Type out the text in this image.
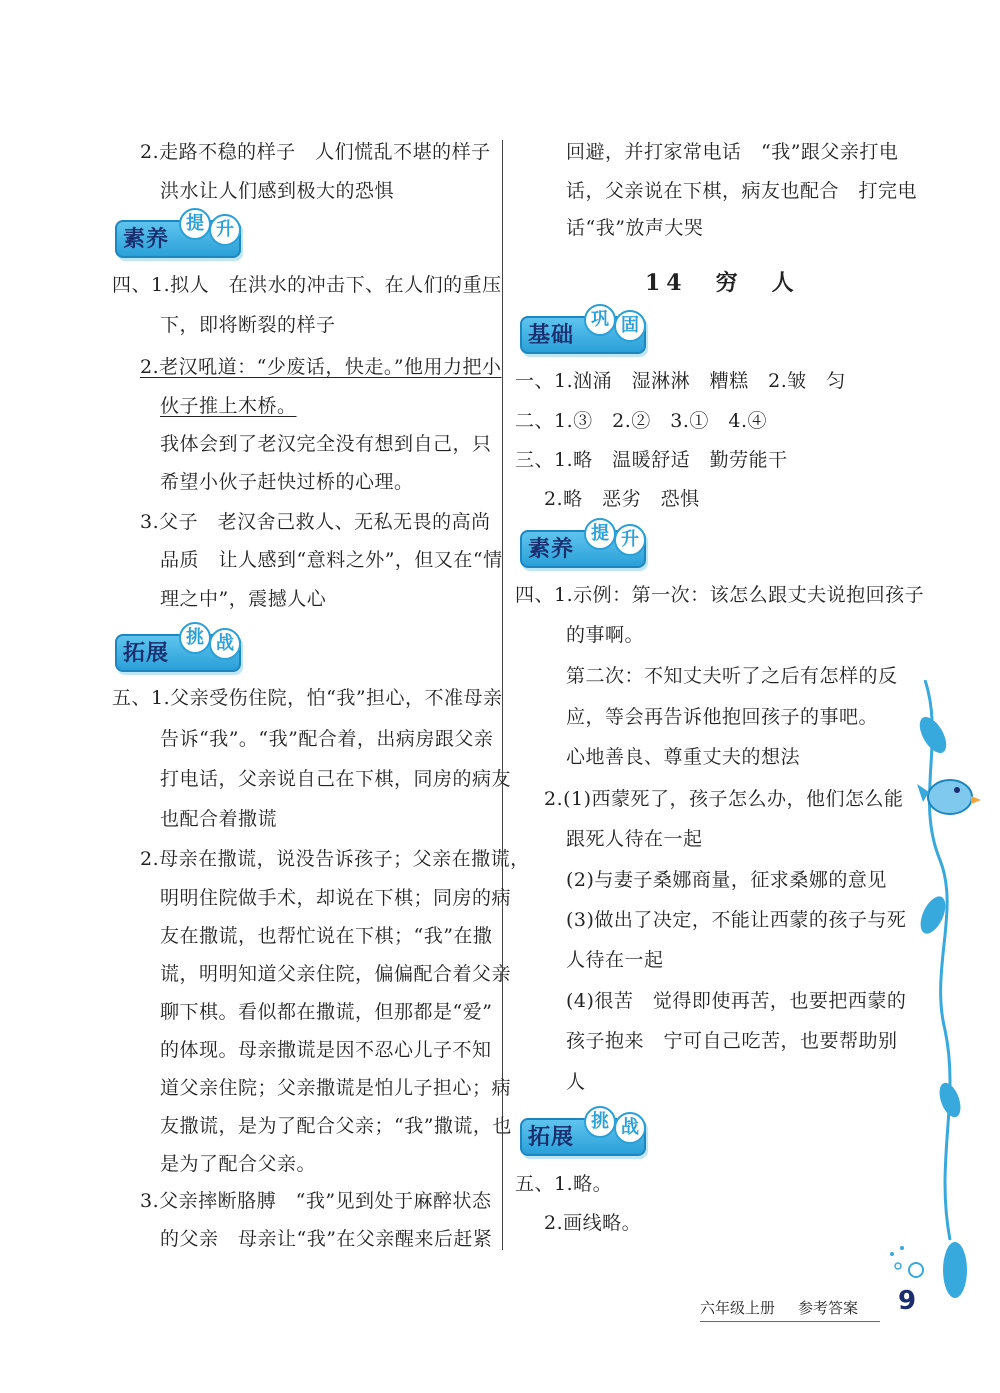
2.走路不稳的样子　人们慌乱不堪的样子
洪水让人们感到极大的恐惧
素养
提 升
四、1.拟人　在洪水的冲击下、在人们的重压
下，即将断裂的样子
2.老汉吼道：“少废话，快走。”他用力把小
伙子推上木桥。
我体会到了老汉完全没有想到自己，只
希望小伙子赶快过桥的心理。
3.父子　老汉舍己救人、无私无畏的高尚
品质　让人感到“意料之外”，但又在“情
理之中”，震撼人心
拓展
挑 战
五、1.父亲受伤住院，怕“我”担心，不准母亲
告诉“我”。“我”配合着，出病房跟父亲
打电话，父亲说自己在下棋，同房的病友
也配合着撒谎
2.母亲在撒谎，说没告诉孩子；父亲在撒谎，
明明住院做手术，却说在下棋；同房的病
友在撒谎，也帮忙说在下棋；“我”在撒
谎，明明知道父亲住院，偏偏配合着父亲
聊下棋。看似都在撒谎，但那都是“爱”
的体现。母亲撒谎是因不忍心儿子不知
道父亲住院；父亲撒谎是怕儿子担心；病
友撒谎，是为了配合父亲；“我”撒谎，也
是为了配合父亲。
3.父亲摔断胳膊　“我”见到处于麻醉状态
的父亲　母亲让“我”在父亲醒来后赶紧
回避，并打家常电话　“我”跟父亲打电
话，父亲说在下棋，病友也配合　打完电
话“我”放声大哭
14　穷　人
基础
巩 固
一、1.汹涌　湿淋淋　糟糕　2.皱　匀
二、1.③　2.②　3.①　4.④
三、1.略　温暖舒适　勤劳能干
2.略　恶劣　恐惧
素养
提 升
四、1.示例：第一次：该怎么跟丈夫说抱回孩子
的事啊。
第二次：不知丈夫听了之后有怎样的反
应，等会再告诉他抱回孩子的事吧。
心地善良、尊重丈夫的想法
2.(1)西蒙死了，孩子怎么办，他们怎么能
跟死人待在一起
(2)与妻子桑娜商量，征求桑娜的意见
(3)做出了决定，不能让西蒙的孩子与死
人待在一起
(4)很苦　觉得即使再苦，也要把西蒙的
孩子抱来　宁可自己吃苦，也要帮助别
人
拓展
挑 战
五、1.略。
2.画线略。
六年级上册 参考答案	9
